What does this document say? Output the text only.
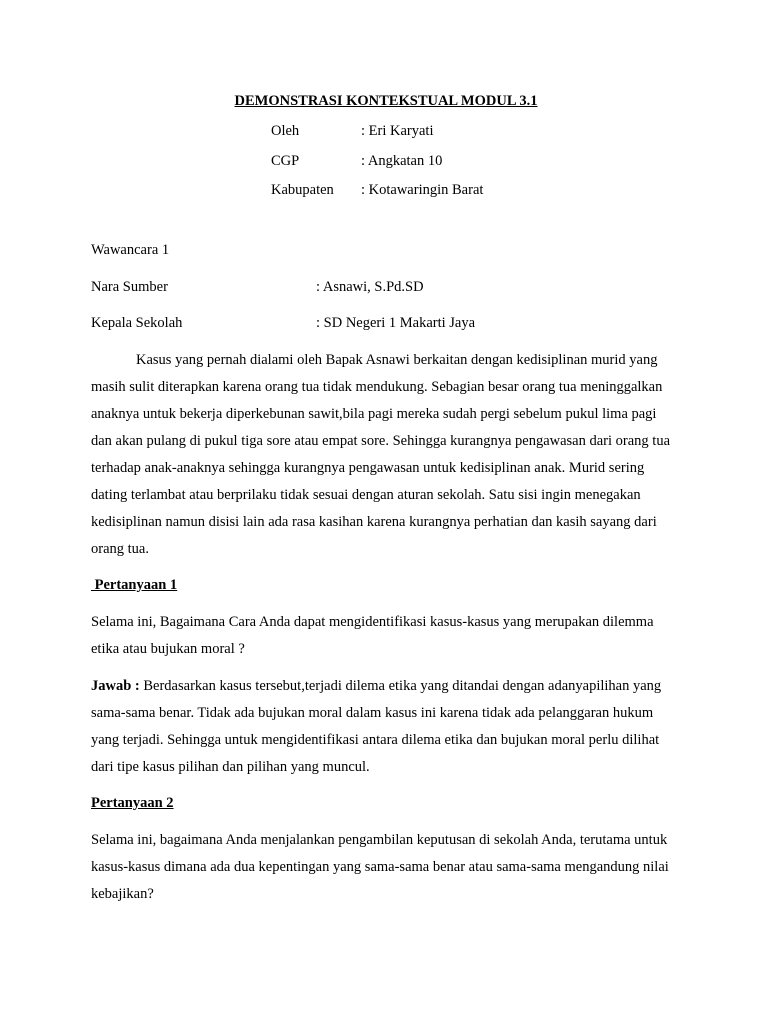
DEMONSTRASI KONTEKSTUAL MODUL 3.1
Oleh	: Eri Karyati
CGP	: Angkatan 10
Kabupaten : Kotawaringin Barat
Wawancara 1
Nara Sumber	: Asnawi, S.Pd.SD
Kepala Sekolah	: SD Negeri 1 Makarti Jaya

Kasus yang pernah dialami oleh Bapak Asnawi berkaitan dengan kedisiplinan murid yang masih sulit diterapkan karena orang tua tidak mendukung. Sebagian besar orang tua meninggalkan anaknya untuk bekerja diperkebunan sawit,bila pagi mereka sudah pergi sebelum pukul lima pagi dan akan pulang di pukul tiga sore atau empat sore. Sehingga kurangnya pengawasan dari orang tua terhadap anak-anaknya sehingga kurangnya pengawasan untuk kedisiplinan anak. Murid sering dating terlambat atau berprilaku tidak sesuai dengan aturan sekolah. Satu sisi ingin menegakan kedisiplinan namun disisi lain ada rasa kasihan karena kurangnya perhatian dan kasih sayang dari orang tua.

Pertanyaan 1

Selama ini, Bagaimana Cara Anda dapat mengidentifikasi kasus-kasus yang merupakan dilemma etika atau bujukan moral ?

Jawab : Berdasarkan kasus tersebut,terjadi dilema etika yang ditandai dengan adanyapilihan yang sama-sama benar. Tidak ada bujukan moral dalam kasus ini karena tidak ada pelanggaran hukum yang terjadi. Sehingga untuk mengidentifikasi antara dilema etika dan bujukan moral perlu dilihat dari tipe kasus pilihan dan pilihan yang muncul.

Pertanyaan 2

Selama ini, bagaimana Anda menjalankan pengambilan keputusan di sekolah Anda, terutama untuk kasus-kasus dimana ada dua kepentingan yang sama-sama benar atau sama-sama mengandung nilai kebajikan?
